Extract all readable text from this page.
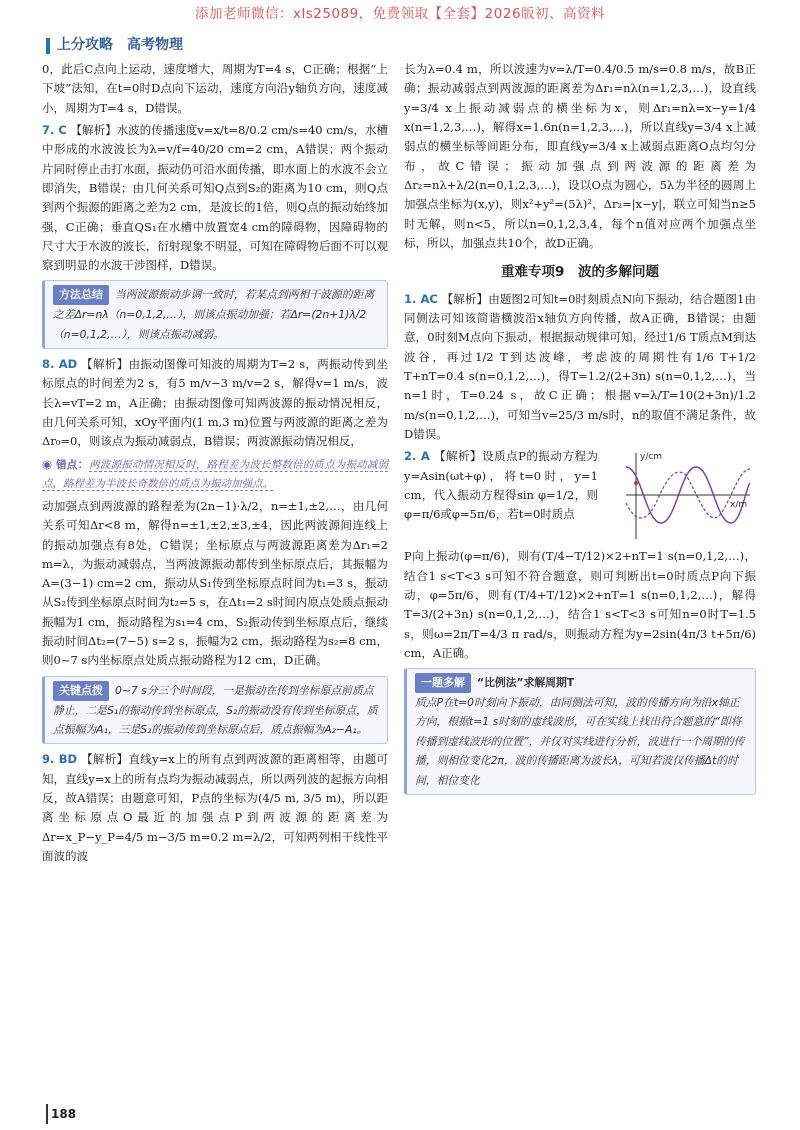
添加老师微信：xls25089，免费领取【全套】2026版初、高资料
上分攻略 高考物理

0，此后C点向上运动，速度增大，周期为T=4 s，C正确；根据“上下坡”法知，在t=0时D点向下运动，速度方向沿y轴负方向，速度减小，周期为T=4 s，D错误。

7. C 【解析】水波的传播速度v=x/t=8/0.2 cm/s=40 cm/s，水槽中形成的水波波长为λ=v/f=40/20 cm=2 cm，A错误；两个振动片同时停止击打水面，振动仍可沿水面传播，即水面上的水波不会立即消失，B错误；由几何关系可知Q点到S₂的距离为10 cm，则Q点到两个振源的距离之差为2 cm，是波长的1倍，则Q点的振动始终加强，C正确；垂直QS₁在水槽中放置宽4 cm的障碍物，因障碍物的尺寸大于水波的波长，衍射现象不明显，可知在障碍物后面不可以观察到明显的水波干涉图样，D错误。

方法总结 当两波源振动步调一致时，若某点到两相干波源的距离之差Δr=nλ（n=0,1,2,…），则该点振动加强；若Δr=(2n+1)λ/2（n=0,1,2,…），则该点振动减弱。

8. AD 【解析】由振动图像可知波的周期为T=2 s，两振动传到坐标原点的时间差为2 s，有5 m/v−3 m/v=2 s，解得v=1 m/s，波长λ=vT=2 m，A正确；由振动图像可知两波源的振动情况相反，由几何关系可知，xOy平面内(1 m,3 m)位置与两波源的距离之差为Δr₀=0，则该点为振动减弱点，B错误；两波源振动情况相反，

◉ 错点：两波源振动情况相反时，路程差为波长整数倍的质点为振动减弱点，路程差为半波长奇数倍的质点为振动加强点。

动加强点到两波源的路程差为(2n−1)·λ/2，n=±1,±2,…，由几何关系可知Δr<8 m，解得n=±1,±2,±3,±4，因此两波源间连线上的振动加强点有8处，C错误；坐标原点与两波源距离差为Δr₁=2 m=λ，为振动减弱点，当两波源振动都传到坐标原点后，其振幅为A=(3−1) cm=2 cm，振动从S₁传到坐标原点时间为t₁=3 s，振动从S₂传到坐标原点时间为t₂=5 s，在Δt₁=2 s时间内原点处质点振动振幅为1 cm，振动路程为s₁=4 cm，S₂振动传到坐标原点后，继续振动时间Δt₂=(7−5) s=2 s，振幅为2 cm，振动路程为s₂=8 cm，则0~7 s内坐标原点处质点振动路程为12 cm，D正确。

关键点拨 0~7 s分三个时间段，一是振动在传到坐标原点前质点静止，二是S₁的振动传到坐标原点，S₂的振动没有传到坐标原点，质点振幅为A₁，三是S₂的振动传到坐标原点后，质点振幅为A₂−A₁。

9. BD 【解析】直线y=x上的所有点到两波源的距离相等，由题可知，直线y=x上的所有点均为振动减弱点，所以两列波的起振方向相反，故A错误；由题意可知，P点的坐标为(4/5 m, 3/5 m)，所以距离坐标原点O最近的加强点P到两波源的距离差为Δr=x_P−y_P=4/5 m−3/5 m=0.2 m=λ/2，可知两列相干线性平面波的波

长为λ=0.4 m，所以波速为v=λ/T=0.4/0.5 m/s=0.8 m/s，故B正确；振动减弱点到两波源的距离差为Δr₁=nλ(n=1,2,3,…)，设直线y=3/4 x上振动减弱点的横坐标为x，则Δr₁=nλ=x−y=1/4 x(n=1,2,3,…)，解得x=1.6n(n=1,2,3,…)，所以直线y=3/4 x上减弱点的横坐标等间距分布，即直线y=3/4 x上减弱点距离O点均匀分布，故C错误；振动加强点到两波源的距离差为Δr₂=nλ+λ/2(n=0,1,2,3,…)，设以O点为圆心，5λ为半径的圆周上加强点坐标为(x,y)，则x²+y²=(5λ)²，Δr₂=|x−y|，联立可知当n≥5时无解，则n<5，所以n=0,1,2,3,4，每个n值对应两个加强点坐标，所以，加强点共10个，故D正确。

重难专项9　波的多解问题

1. AC 【解析】由题图2可知t=0时刻质点N向下振动，结合题图1由同侧法可知该简谐横波沿x轴负方向传播，故A正确，B错误；由题意，0时刻M点向下振动，根据振动规律可知，经过1/6 T质点M到达波谷，再过1/2 T到达波峰，考虑波的周期性有1/6 T+1/2 T+nT=0.4 s(n=0,1,2,…)，得T=1.2/(2+3n) s(n=0,1,2,…)，当n=1时，T=0.24 s，故C正确；根据v=λ/T=10(2+3n)/1.2 m/s(n=0,1,2,…)，可知当v=25/3 m/s时，n的取值不满足条件，故D错误。

y/cm
x/m

2. A 【解析】设质点P的振动方程为y=Asin(ωt+φ)，将t=0时，y=1 cm，代入振动方程得sin φ=1/2，则φ=π/6或φ=5π/6，若t=0时质点

P向上振动(φ=π/6)，则有(T/4−T/12)×2+nT=1 s(n=0,1,2,…)，结合1 s<T<3 s可知不符合题意，则可判断出t=0时质点P向下振动，φ=5π/6，则有(T/4+T/12)×2+nT=1 s(n=0,1,2,…)，解得T=3/(2+3n) s(n=0,1,2,…)，结合1 s<T<3 s可知n=0时T=1.5 s，则ω=2π/T=4/3 π rad/s，则振动方程为y=2sin(4π/3 t+5π/6) cm，A正确。

一题多解 “比例法”求解周期T
质点P在t=0时刻向下振动，由同侧法可知，波的传播方向为沿x轴正方向，根据t=1 s时刻的虚线波形，可在实线上找出符合题意的“即将传播到虚线波形的位置”，并仅对实线进行分析，波进行一个周期的传播，则相位变化2π，波的传播距离为波长λ，可知若波仅传播Δt的时间，相位变化
188
